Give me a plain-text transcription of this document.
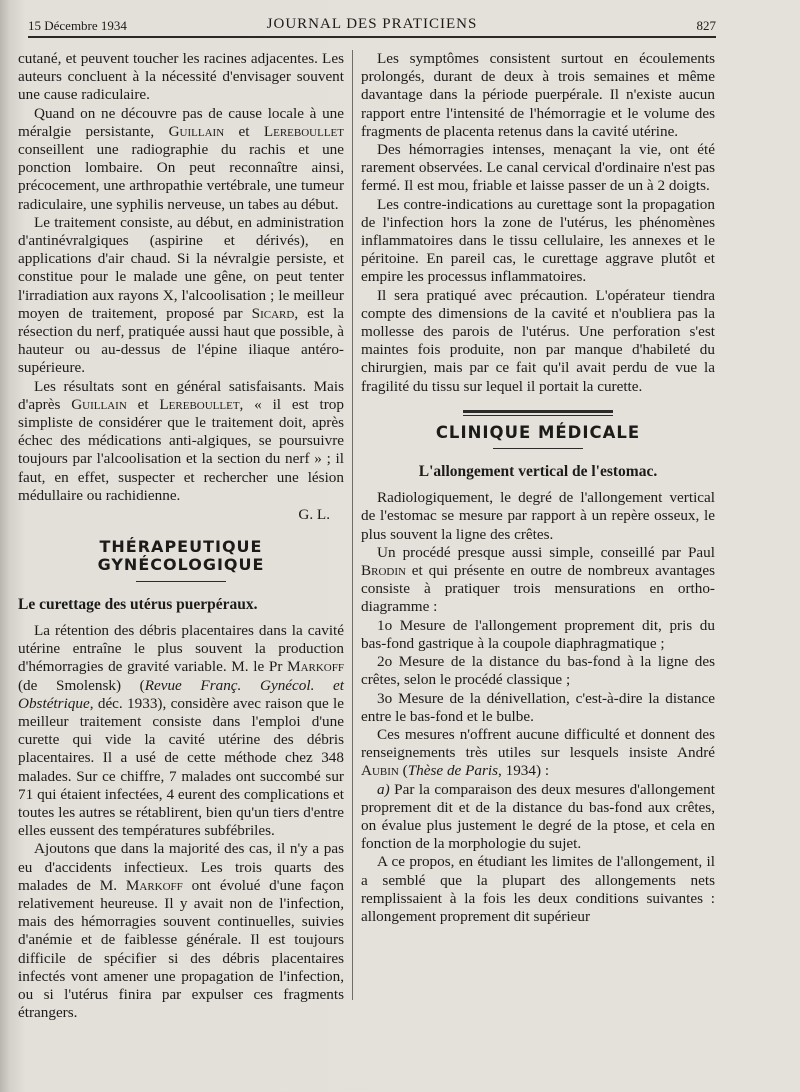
15 Décembre 1934	JOURNAL DES PRATICIENS	827

cutané, et peuvent toucher les racines adjacentes. Les auteurs concluent à la nécessité d'envisager souvent une cause radiculaire.

Quand on ne découvre pas de cause locale à une méralgie persistante, Guillain et Lereboullet conseillent une radiographie du rachis et une ponction lombaire. On peut reconnaître ainsi, précocement, une arthropathie vertébrale, une tumeur radiculaire, une syphilis nerveuse, un tabes au début.

Le traitement consiste, au début, en administration d'antinévralgiques (aspirine et dérivés), en applications d'air chaud. Si la névralgie persiste, et constitue pour le malade une gêne, on peut tenter l'irradiation aux rayons X, l'alcoolisation ; le meilleur moyen de traitement, proposé par Sicard, est la résection du nerf, pratiquée aussi haut que possible, à hauteur ou au-dessus de l'épine iliaque antéro-supérieure.

Les résultats sont en général satisfaisants. Mais d'après Guillain et Lereboullet, « il est trop simpliste de considérer que le traitement doit, après échec des médications anti-algiques, se poursuivre toujours par l'alcoolisation et la section du nerf » ; il faut, en effet, suspecter et rechercher une lésion médullaire ou rachidienne.

G. L.

THÉRAPEUTIQUE GYNÉCOLOGIQUE

Le curettage des utérus puerpéraux.

La rétention des débris placentaires dans la cavité utérine entraîne le plus souvent la production d'hémorragies de gravité variable. M. le Pr Markoff (de Smolensk) (Revue Franç. Gynécol. et Obstétrique, déc. 1933), considère avec raison que le meilleur traitement consiste dans l'emploi d'une curette qui vide la cavité utérine des débris placentaires. Il a usé de cette méthode chez 348 malades. Sur ce chiffre, 7 malades ont succombé sur 71 qui étaient infectées, 4 eurent des complications et toutes les autres se rétablirent, bien qu'un tiers d'entre elles eussent des températures subfébriles.

Ajoutons que dans la majorité des cas, il n'y a pas eu d'accidents infectieux. Les trois quarts des malades de M. Markoff ont évolué d'une façon relativement heureuse. Il y avait non de l'infection, mais des hémorragies souvent continuelles, suivies d'anémie et de faiblesse générale. Il est toujours difficile de spécifier si des débris placentaires infectés vont amener une propagation de l'infection, ou si l'utérus finira par expulser ces fragments étrangers.

Les symptômes consistent surtout en écoulements prolongés, durant de deux à trois semaines et même davantage dans la période puerpérale. Il n'existe aucun rapport entre l'intensité de l'hémorragie et le volume des fragments de placenta retenus dans la cavité utérine.

Des hémorragies intenses, menaçant la vie, ont été rarement observées. Le canal cervical d'ordinaire n'est pas fermé. Il est mou, friable et laisse passer de un à 2 doigts.

Les contre-indications au curettage sont la propagation de l'infection hors la zone de l'utérus, les phénomènes inflammatoires dans le tissu cellulaire, les annexes et le péritoine. En pareil cas, le curettage aggrave plutôt et empire les processus inflammatoires.

Il sera pratiqué avec précaution. L'opérateur tiendra compte des dimensions de la cavité et n'oubliera pas la mollesse des parois de l'utérus. Une perforation s'est maintes fois produite, non par manque d'habileté du chirurgien, mais par ce fait qu'il avait perdu de vue la fragilité du tissu sur lequel il portait la curette.

CLINIQUE MÉDICALE

L'allongement vertical de l'estomac.

Radiologiquement, le degré de l'allongement vertical de l'estomac se mesure par rapport à un repère osseux, le plus souvent la ligne des crêtes.

Un procédé presque aussi simple, conseillé par Paul Brodin et qui présente en outre de nombreux avantages consiste à pratiquer trois mensurations en ortho-diagramme :

1o Mesure de l'allongement proprement dit, pris du bas-fond gastrique à la coupole diaphragmatique ;

2o Mesure de la distance du bas-fond à la ligne des crêtes, selon le procédé classique ;

3o Mesure de la dénivellation, c'est-à-dire la distance entre le bas-fond et le bulbe.

Ces mesures n'offrent aucune difficulté et donnent des renseignements très utiles sur lesquels insiste André Aubin (Thèse de Paris, 1934) :

a) Par la comparaison des deux mesures d'allongement proprement dit et de la distance du bas-fond aux crêtes, on évalue plus justement le degré de la ptose, et cela en fonction de la morphologie du sujet.

A ce propos, en étudiant les limites de l'allongement, il a semblé que la plupart des allongements nets remplissaient à la fois les deux conditions suivantes : allongement proprement dit supérieur
